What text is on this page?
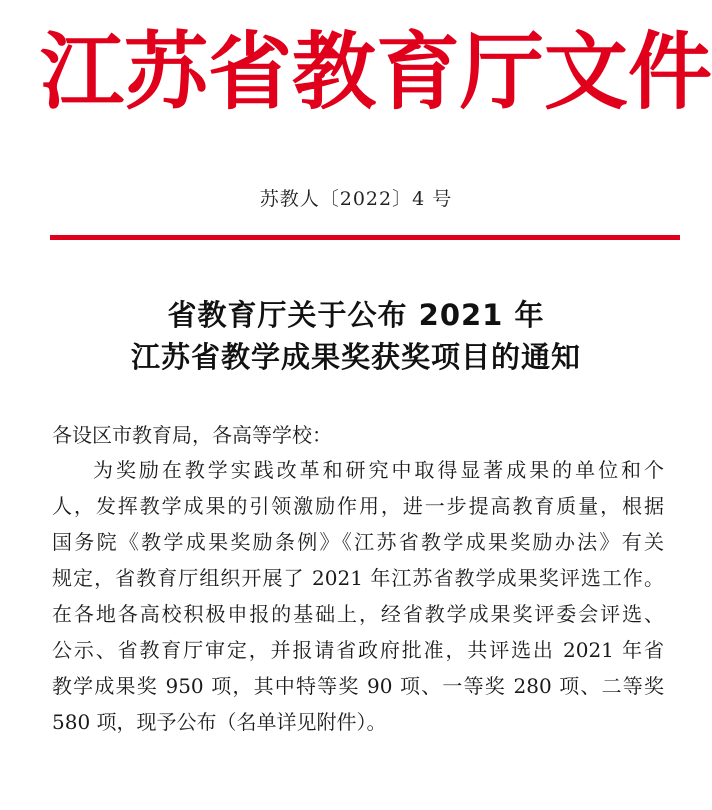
江苏省教育厅文件
苏教人〔2022〕4 号
省教育厅关于公布 2021 年
江苏省教学成果奖获奖项目的通知
各设区市教育局，各高等学校：
为奖励在教学实践改革和研究中取得显著成果的单位和个
人，发挥教学成果的引领激励作用，进一步提高教育质量，根据
国务院《教学成果奖励条例》《江苏省教学成果奖励办法》有关
规定，省教育厅组织开展了 2021 年江苏省教学成果奖评选工作。
在各地各高校积极申报的基础上，经省教学成果奖评委会评选、
公示、省教育厅审定，并报请省政府批准，共评选出 2021 年省
教学成果奖 950 项，其中特等奖 90 项、一等奖 280 项、二等奖
580 项，现予公布（名单详见附件）。
